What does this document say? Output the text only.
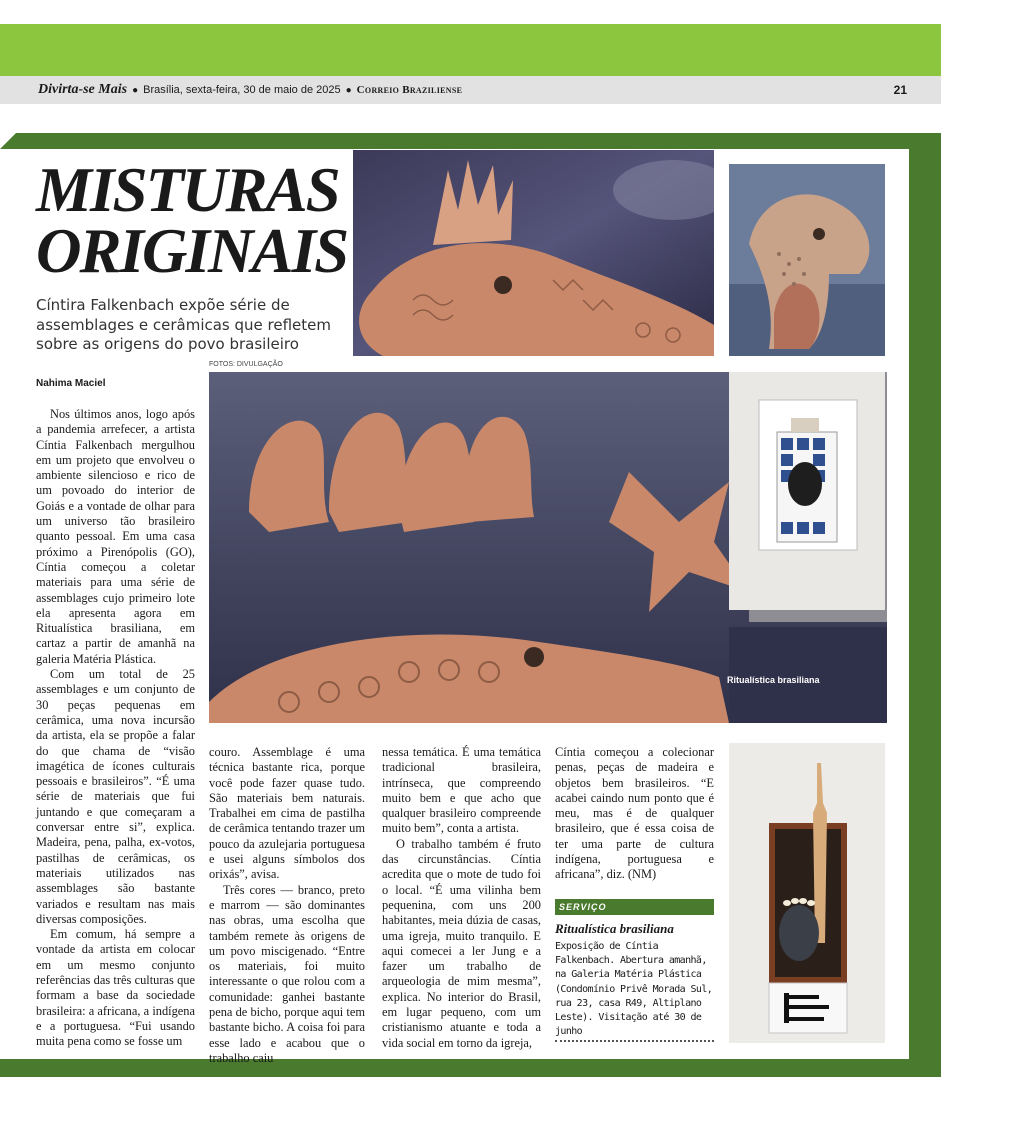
Divirta-se Mais ● Brasília, sexta-feira, 30 de maio de 2025 ● Correio Braziliense	21
MISTURAS
ORIGINAIS
Cíntira Falkenbach expõe série de assemblages e cerâmicas que refletem sobre as origens do povo brasileiro
FOTOS: DIVULGAÇÃO
Nahima Maciel
Ritualística brasiliana

Nos últimos anos, logo após a pandemia arrefecer, a artista Cíntia Falkenbach mergulhou em um projeto que envolveu o ambiente silencioso e rico de um povoado do interior de Goiás e a vontade de olhar para um universo tão brasileiro quanto pessoal. Em uma casa próximo a Pirenópolis (GO), Cíntia começou a coletar materiais para uma série de assemblages cujo primeiro lote ela apresenta agora em Ritualística brasiliana, em cartaz a partir de amanhã na galeria Matéria Plástica.

Com um total de 25 assemblages e um conjunto de 30 peças pequenas em cerâmica, uma nova incursão da artista, ela se propõe a falar do que chama de “visão imagética de ícones culturais pessoais e brasileiros”. “É uma série de materiais que fui juntando e que começaram a conversar entre si”, explica. Madeira, pena, palha, ex-votos, pastilhas de cerâmicas, os materiais utilizados nas assemblages são bastante variados e resultam nas mais diversas composições.

Em comum, há sempre a vontade da artista em colocar em um mesmo conjunto referências das três culturas que formam a base da sociedade brasileira: a africana, a indígena e a portuguesa. “Fui usando muita pena como se fosse um

couro. Assemblage é uma técnica bastante rica, porque você pode fazer quase tudo. São materiais bem naturais. Trabalhei em cima de pastilha de cerâmica tentando trazer um pouco da azulejaria portuguesa e usei alguns símbolos dos orixás”, avisa.

Três cores — branco, preto e marrom — são dominantes nas obras, uma escolha que também remete às origens de um povo miscigenado. “Entre os materiais, foi muito interessante o que rolou com a comunidade: ganhei bastante pena de bicho, porque aqui tem bastante bicho. A coisa foi para esse lado e acabou que o trabalho caiu

nessa temática. É uma temática tradicional brasileira, intrínseca, que compreendo muito bem e que acho que qualquer brasileiro compreende muito bem”, conta a artista.

O trabalho também é fruto das circunstâncias. Cíntia acredita que o mote de tudo foi o local. “É uma vilinha bem pequenina, com uns 200 habitantes, meia dúzia de casas, uma igreja, muito tranquilo. E aqui comecei a ler Jung e a fazer um trabalho de arqueologia de mim mesma”, explica. No interior do Brasil, em lugar pequeno, com um cristianismo atuante e toda a vida social em torno da igreja,

Cíntia começou a colecionar penas, peças de madeira e objetos bem brasileiros. “E acabei caindo num ponto que é meu, mas é de qualquer brasileiro, que é essa coisa de ter uma parte de cultura indígena, portuguesa e africana”, diz. (NM)

SERVIÇO
Ritualística brasiliana
Exposição de Cíntia Falkenbach. Abertura amanhã, na Galeria Matéria Plástica (Condomínio Privê Morada Sul, rua 23, casa R49, Altiplano Leste). Visitação até 30 de junho
